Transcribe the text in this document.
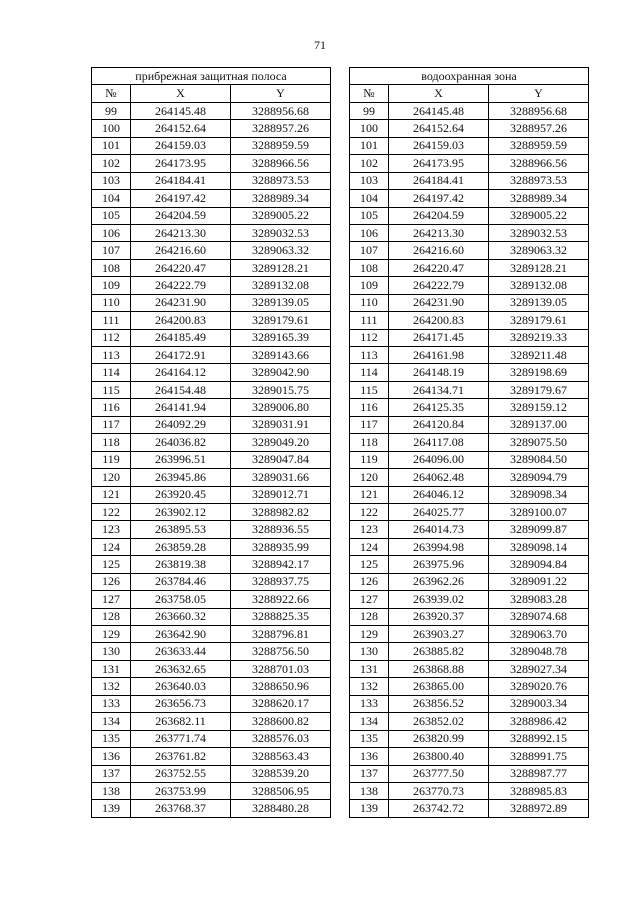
71
прибрежная защитная полоса				водоохранная зона		
№	X	Y		№	X	Y
99	264145.48	3288956.68		99	264145.48	3288956.68
100	264152.64	3288957.26		100	264152.64	3288957.26
101	264159.03	3288959.59		101	264159.03	3288959.59
102	264173.95	3288966.56		102	264173.95	3288966.56
103	264184.41	3288973.53		103	264184.41	3288973.53
104	264197.42	3288989.34		104	264197.42	3288989.34
105	264204.59	3289005.22		105	264204.59	3289005.22
106	264213.30	3289032.53		106	264213.30	3289032.53
107	264216.60	3289063.32		107	264216.60	3289063.32
108	264220.47	3289128.21		108	264220.47	3289128.21
109	264222.79	3289132.08		109	264222.79	3289132.08
110	264231.90	3289139.05		110	264231.90	3289139.05
111	264200.83	3289179.61		111	264200.83	3289179.61
112	264185.49	3289165.39		112	264171.45	3289219.33
113	264172.91	3289143.66		113	264161.98	3289211.48
114	264164.12	3289042.90		114	264148.19	3289198.69
115	264154.48	3289015.75		115	264134.71	3289179.67
116	264141.94	3289006.80		116	264125.35	3289159.12
117	264092.29	3289031.91		117	264120.84	3289137.00
118	264036.82	3289049.20		118	264117.08	3289075.50
119	263996.51	3289047.84		119	264096.00	3289084.50
120	263945.86	3289031.66		120	264062.48	3289094.79
121	263920.45	3289012.71		121	264046.12	3289098.34
122	263902.12	3288982.82		122	264025.77	3289100.07
123	263895.53	3288936.55		123	264014.73	3289099.87
124	263859.28	3288935.99		124	263994.98	3289098.14
125	263819.38	3288942.17		125	263975.96	3289094.84
126	263784.46	3288937.75		126	263962.26	3289091.22
127	263758.05	3288922.66		127	263939.02	3289083.28
128	263660.32	3288825.35		128	263920.37	3289074.68
129	263642.90	3288796.81		129	263903.27	3289063.70
130	263633.44	3288756.50		130	263885.82	3289048.78
131	263632.65	3288701.03		131	263868.88	3289027.34
132	263640.03	3288650.96		132	263865.00	3289020.76
133	263656.73	3288620.17		133	263856.52	3289003.34
134	263682.11	3288600.82		134	263852.02	3288986.42
135	263771.74	3288576.03		135	263820.99	3288992.15
136	263761.82	3288563.43		136	263800.40	3288991.75
137	263752.55	3288539.20		137	263777.50	3288987.77
138	263753.99	3288506.95		138	263770.73	3288985.83
139	263768.37	3288480.28		139	263742.72	3288972.89
